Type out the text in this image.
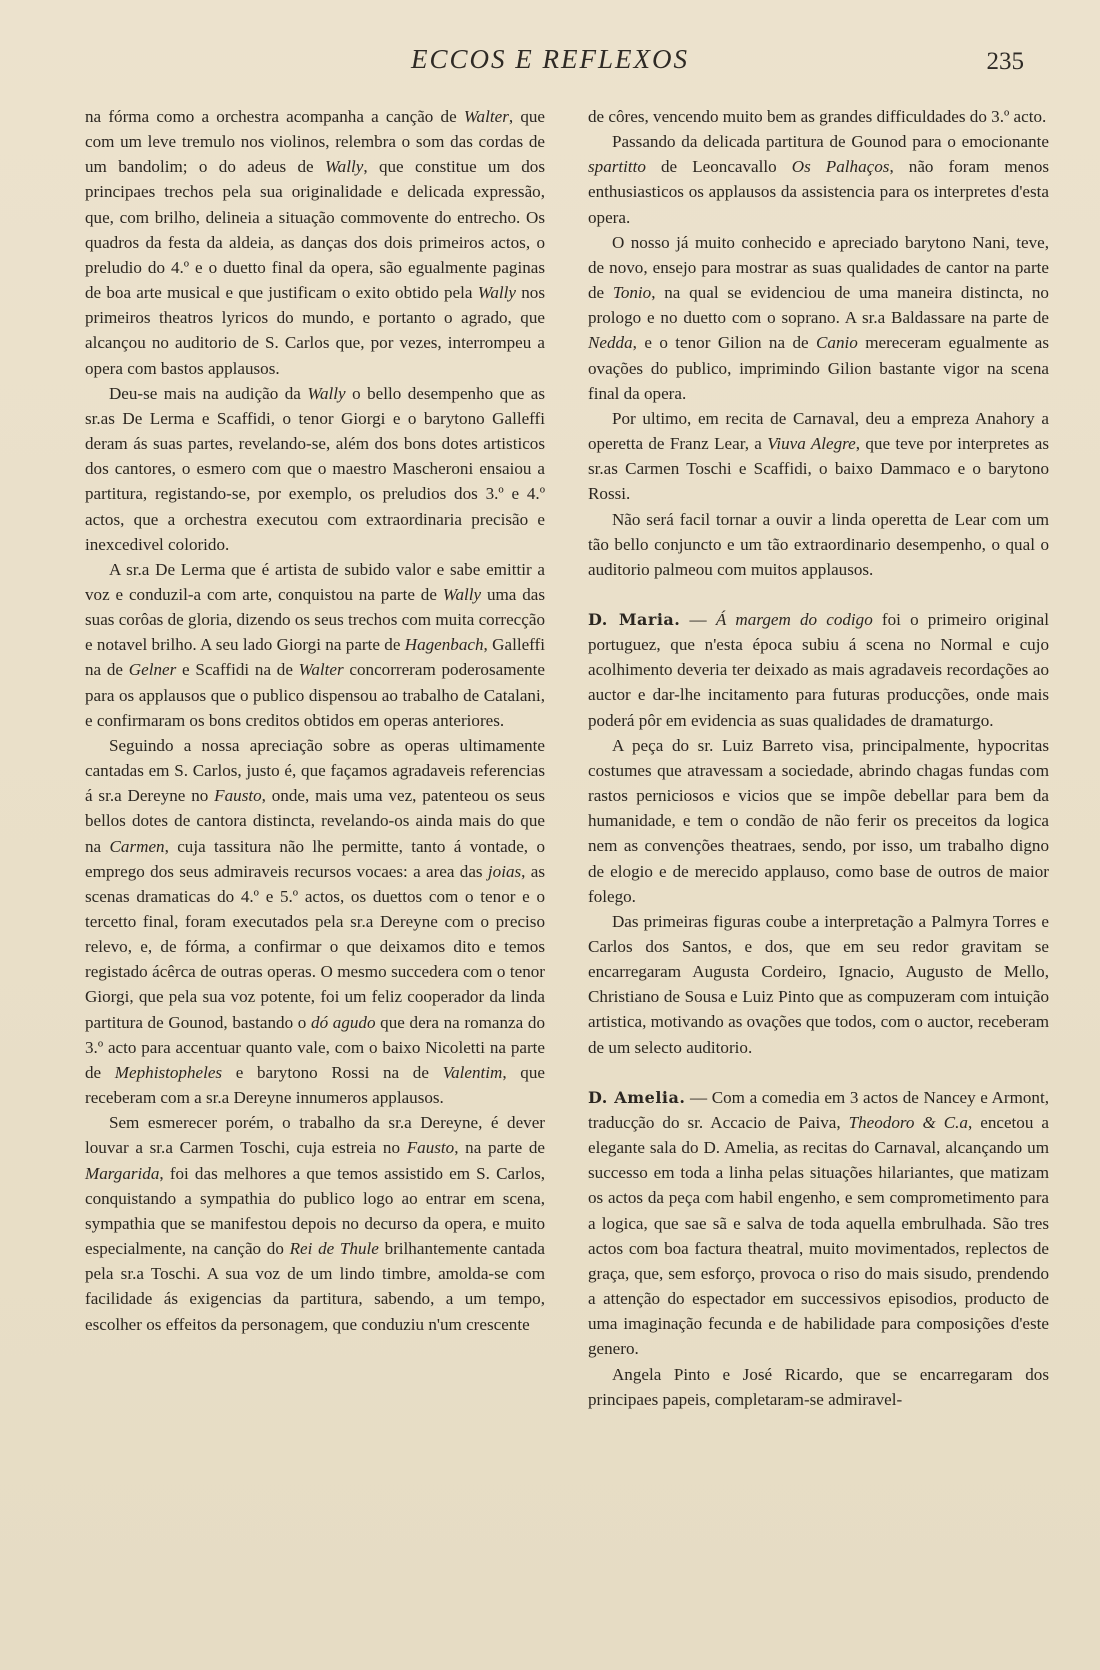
ECCOS E REFLEXOS	235

na fórma como a orchestra acompanha a canção de Walter, que com um leve tremulo nos violinos, relembra o som das cordas de um bandolim; o do adeus de Wally, que constitue um dos principaes trechos pela sua originalidade e delicada expressão, que, com brilho, delineia a situação commovente do entrecho. Os quadros da festa da aldeia, as danças dos dois primeiros actos, o preludio do 4.º e o duetto final da opera, são egualmente paginas de boa arte musical e que justificam o exito obtido pela Wally nos primeiros theatros lyricos do mundo, e portanto o agrado, que alcançou no auditorio de S. Carlos que, por vezes, interrompeu a opera com bastos applausos.

Deu-se mais na audição da Wally o bello desempenho que as sr.as De Lerma e Scaffidi, o tenor Giorgi e o barytono Galleffi deram ás suas partes, revelando-se, além dos bons dotes artisticos dos cantores, o esmero com que o maestro Mascheroni ensaiou a partitura, registando-se, por exemplo, os preludios dos 3.º e 4.º actos, que a orchestra executou com extraordinaria precisão e inexcedivel colorido.

A sr.a De Lerma que é artista de subido valor e sabe emittir a voz e conduzil-a com arte, conquistou na parte de Wally uma das suas corôas de gloria, dizendo os seus trechos com muita correcção e notavel brilho. A seu lado Giorgi na parte de Hagenbach, Galleffi na de Gelner e Scaffidi na de Walter concorreram poderosamente para os applausos que o publico dispensou ao trabalho de Catalani, e confirmaram os bons creditos obtidos em operas anteriores.

Seguindo a nossa apreciação sobre as operas ultimamente cantadas em S. Carlos, justo é, que façamos agradaveis referencias á sr.a Dereyne no Fausto, onde, mais uma vez, patenteou os seus bellos dotes de cantora distincta, revelando-os ainda mais do que na Carmen, cuja tassitura não lhe permitte, tanto á vontade, o emprego dos seus admiraveis recursos vocaes: a area das joias, as scenas dramaticas do 4.º e 5.º actos, os duettos com o tenor e o tercetto final, foram executados pela sr.a Dereyne com o preciso relevo, e, de fórma, a confirmar o que deixamos dito e temos registado ácêrca de outras operas. O mesmo succedera com o tenor Giorgi, que pela sua voz potente, foi um feliz cooperador da linda partitura de Gounod, bastando o dó agudo que dera na romanza do 3.º acto para accentuar quanto vale, com o baixo Nicoletti na parte de Mephistopheles e barytono Rossi na de Valentim, que receberam com a sr.a Dereyne innumeros applausos.

Sem esmerecer porém, o trabalho da sr.a Dereyne, é dever louvar a sr.a Carmen Toschi, cuja estreia no Fausto, na parte de Margarida, foi das melhores a que temos assistido em S. Carlos, conquistando a sympathia do publico logo ao entrar em scena, sympathia que se manifestou depois no decurso da opera, e muito especialmente, na canção do Rei de Thule brilhantemente cantada pela sr.a Toschi. A sua voz de um lindo timbre, amolda-se com facilidade ás exigencias da partitura, sabendo, a um tempo, escolher os effeitos da personagem, que conduziu n'um crescente

de côres, vencendo muito bem as grandes difficuldades do 3.º acto.

Passando da delicada partitura de Gounod para o emocionante spartitto de Leoncavallo Os Palhaços, não foram menos enthusiasticos os applausos da assistencia para os interpretes d'esta opera.

O nosso já muito conhecido e apreciado barytono Nani, teve, de novo, ensejo para mostrar as suas qualidades de cantor na parte de Tonio, na qual se evidenciou de uma maneira distincta, no prologo e no duetto com o soprano. A sr.a Baldassare na parte de Nedda, e o tenor Gilion na de Canio mereceram egualmente as ovações do publico, imprimindo Gilion bastante vigor na scena final da opera.

Por ultimo, em recita de Carnaval, deu a empreza Anahory a operetta de Franz Lear, a Viuva Alegre, que teve por interpretes as sr.as Carmen Toschi e Scaffidi, o baixo Dammaco e o barytono Rossi.

Não será facil tornar a ouvir a linda operetta de Lear com um tão bello conjuncto e um tão extraordinario desempenho, o qual o auditorio palmeou com muitos applausos.

D. Maria. — Á margem do codigo foi o primeiro original portuguez, que n'esta época subiu á scena no Normal e cujo acolhimento deveria ter deixado as mais agradaveis recordações ao auctor e dar-lhe incitamento para futuras producções, onde mais poderá pôr em evidencia as suas qualidades de dramaturgo.

A peça do sr. Luiz Barreto visa, principalmente, hypocritas costumes que atravessam a sociedade, abrindo chagas fundas com rastos perniciosos e vicios que se impõe debellar para bem da humanidade, e tem o condão de não ferir os preceitos da logica nem as convenções theatraes, sendo, por isso, um trabalho digno de elogio e de merecido applauso, como base de outros de maior folego.

Das primeiras figuras coube a interpretação a Palmyra Torres e Carlos dos Santos, e dos, que em seu redor gravitam se encarregaram Augusta Cordeiro, Ignacio, Augusto de Mello, Christiano de Sousa e Luiz Pinto que as compuzeram com intuição artistica, motivando as ovações que todos, com o auctor, receberam de um selecto auditorio.

D. Amelia. — Com a comedia em 3 actos de Nancey e Armont, traducção do sr. Accacio de Paiva, Theodoro & C.a, encetou a elegante sala do D. Amelia, as recitas do Carnaval, alcançando um successo em toda a linha pelas situações hilariantes, que matizam os actos da peça com habil engenho, e sem comprometimento para a logica, que sae sã e salva de toda aquella embrulhada. São tres actos com boa factura theatral, muito movimentados, replectos de graça, que, sem esforço, provoca o riso do mais sisudo, prendendo a attenção do espectador em successivos episodios, producto de uma imaginação fecunda e de habilidade para composições d'este genero.

Angela Pinto e José Ricardo, que se encarregaram dos principaes papeis, completaram-se admiravel-
